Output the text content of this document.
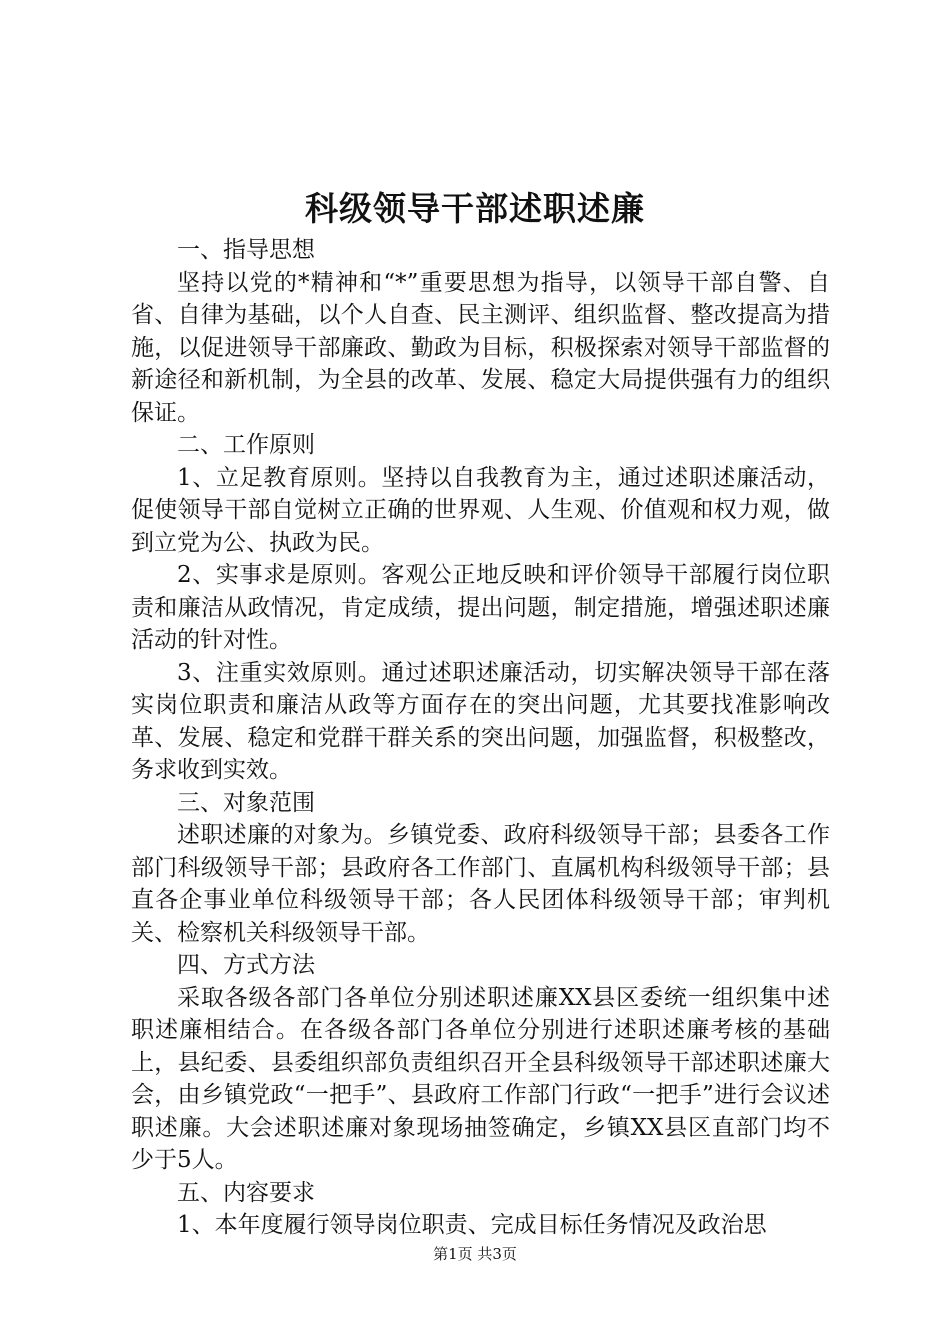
科级领导干部述职述廉

一、指导思想

坚持以党的*精神和“*”重要思想为指导，以领导干部自警、自省、自律为基础，以个人自查、民主测评、组织监督、整改提高为措施，以促进领导干部廉政、勤政为目标，积极探索对领导干部监督的新途径和新机制，为全县的改革、发展、稳定大局提供强有力的组织保证。

二、工作原则

1、立足教育原则。坚持以自我教育为主，通过述职述廉活动，促使领导干部自觉树立正确的世界观、人生观、价值观和权力观，做到立党为公、执政为民。

2、实事求是原则。客观公正地反映和评价领导干部履行岗位职责和廉洁从政情况，肯定成绩，提出问题，制定措施，增强述职述廉活动的针对性。

3、注重实效原则。通过述职述廉活动，切实解决领导干部在落实岗位职责和廉洁从政等方面存在的突出问题，尤其要找准影响改革、发展、稳定和党群干群关系的突出问题，加强监督，积极整改，务求收到实效。

三、对象范围

述职述廉的对象为。乡镇党委、政府科级领导干部；县委各工作部门科级领导干部；县政府各工作部门、直属机构科级领导干部；县直各企事业单位科级领导干部；各人民团体科级领导干部；审判机关、检察机关科级领导干部。

四、方式方法

采取各级各部门各单位分别述职述廉XX县区委统一组织集中述职述廉相结合。在各级各部门各单位分别进行述职述廉考核的基础上，县纪委、县委组织部负责组织召开全县科级领导干部述职述廉大会，由乡镇党政“一把手”、县政府工作部门行政“一把手”进行会议述职述廉。大会述职述廉对象现场抽签确定，乡镇XX县区直部门均不少于5人。

五、内容要求

1、本年度履行领导岗位职责、完成目标任务情况及政治思

第1页 共3页
